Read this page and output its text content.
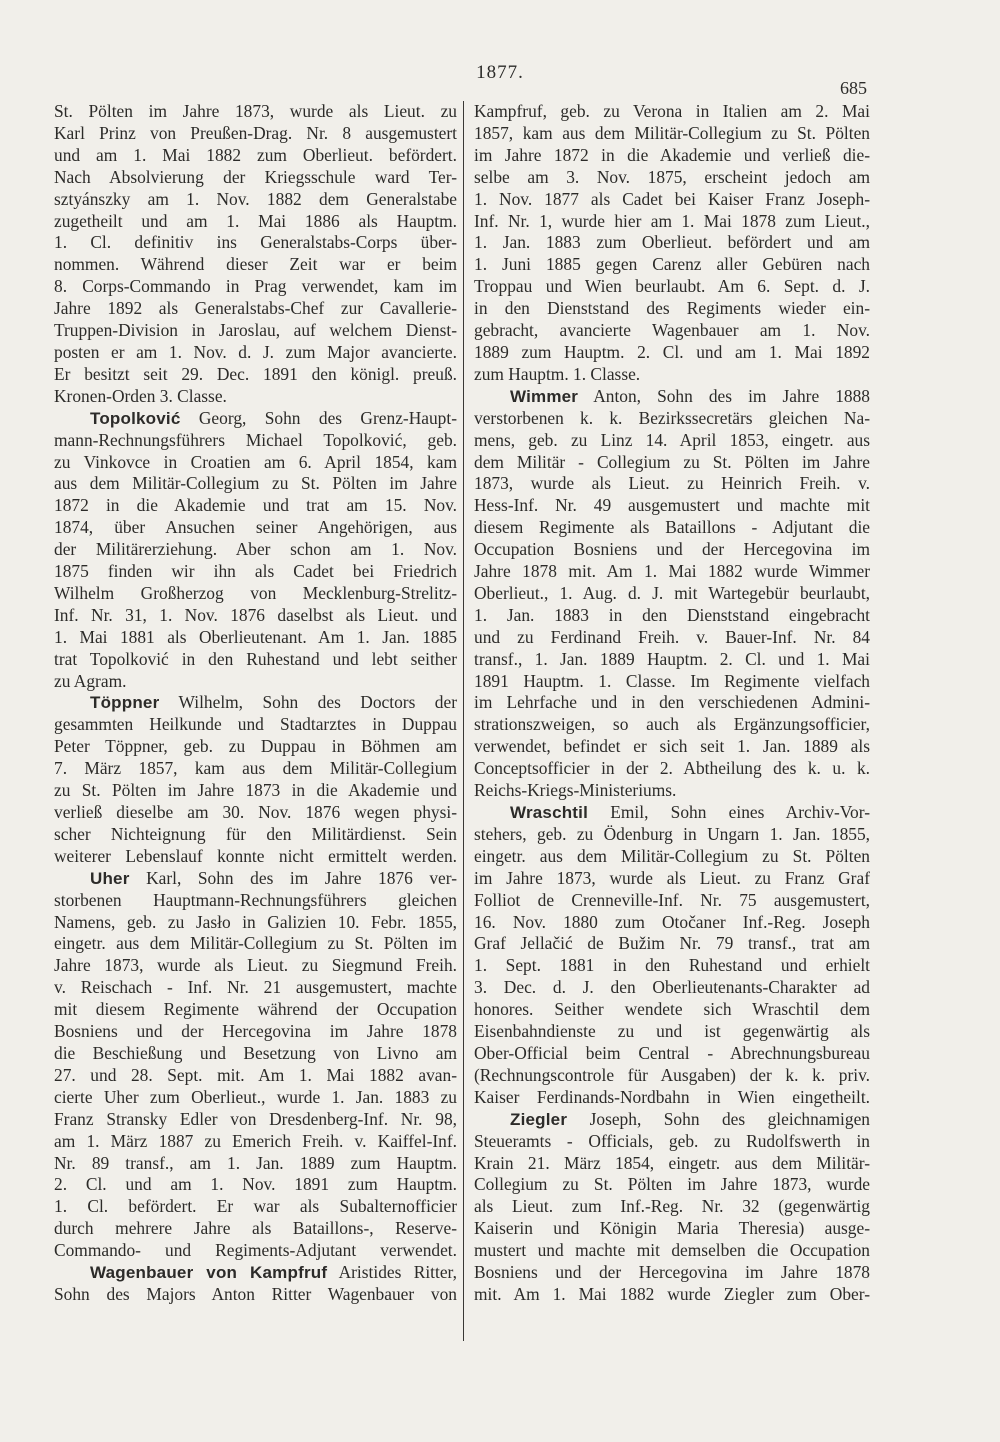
1877.
685
St. Pölten im Jahre 1873, wurde als Lieut. zu
Karl Prinz von Preußen-Drag. Nr. 8 ausgemustert
und am 1. Mai 1882 zum Oberlieut. befördert.
Nach Absolvierung der Kriegsschule ward Ter-
sztyánszky am 1. Nov. 1882 dem Generalstabe
zugetheilt und am 1. Mai 1886 als Hauptm.
1. Cl. definitiv ins Generalstabs-Corps über-
nommen. Während dieser Zeit war er beim
8. Corps-Commando in Prag verwendet, kam im
Jahre 1892 als Generalstabs-Chef zur Cavallerie-
Truppen-Division in Jaroslau, auf welchem Dienst-
posten er am 1. Nov. d. J. zum Major avancierte.
Er besitzt seit 29. Dec. 1891 den königl. preuß.
Kronen-Orden 3. Classe.
Topolković Georg, Sohn des Grenz-Haupt-
mann-Rechnungsführers Michael Topolković, geb.
zu Vinkovce in Croatien am 6. April 1854, kam
aus dem Militär-Collegium zu St. Pölten im Jahre
1872 in die Akademie und trat am 15. Nov.
1874, über Ansuchen seiner Angehörigen, aus
der Militärerziehung. Aber schon am 1. Nov.
1875 finden wir ihn als Cadet bei Friedrich
Wilhelm Großherzog von Mecklenburg-Strelitz-
Inf. Nr. 31, 1. Nov. 1876 daselbst als Lieut. und
1. Mai 1881 als Oberlieutenant. Am 1. Jan. 1885
trat Topolković in den Ruhestand und lebt seither
zu Agram.
Töppner Wilhelm, Sohn des Doctors der
gesammten Heilkunde und Stadtarztes in Duppau
Peter Töppner, geb. zu Duppau in Böhmen am
7. März 1857, kam aus dem Militär-Collegium
zu St. Pölten im Jahre 1873 in die Akademie und
verließ dieselbe am 30. Nov. 1876 wegen physi-
scher Nichteignung für den Militärdienst. Sein
weiterer Lebenslauf konnte nicht ermittelt werden.
Uher Karl, Sohn des im Jahre 1876 ver-
storbenen Hauptmann-Rechnungsführers gleichen
Namens, geb. zu Jasło in Galizien 10. Febr. 1855,
eingetr. aus dem Militär-Collegium zu St. Pölten im
Jahre 1873, wurde als Lieut. zu Siegmund Freih.
v. Reischach - Inf. Nr. 21 ausgemustert, machte
mit diesem Regimente während der Occupation
Bosniens und der Hercegovina im Jahre 1878
die Beschießung und Besetzung von Livno am
27. und 28. Sept. mit. Am 1. Mai 1882 avan-
cierte Uher zum Oberlieut., wurde 1. Jan. 1883 zu
Franz Stransky Edler von Dresdenberg-Inf. Nr. 98,
am 1. März 1887 zu Emerich Freih. v. Kaiffel-Inf.
Nr. 89 transf., am 1. Jan. 1889 zum Hauptm.
2. Cl. und am 1. Nov. 1891 zum Hauptm.
1. Cl. befördert. Er war als Subalternofficier
durch mehrere Jahre als Bataillons-, Reserve-
Commando- und Regiments-Adjutant verwendet.
Wagenbauer von Kampfruf Aristides Ritter,
Sohn des Majors Anton Ritter Wagenbauer von
Kampfruf, geb. zu Verona in Italien am 2. Mai
1857, kam aus dem Militär-Collegium zu St. Pölten
im Jahre 1872 in die Akademie und verließ die-
selbe am 3. Nov. 1875, erscheint jedoch am
1. Nov. 1877 als Cadet bei Kaiser Franz Joseph-
Inf. Nr. 1, wurde hier am 1. Mai 1878 zum Lieut.,
1. Jan. 1883 zum Oberlieut. befördert und am
1. Juni 1885 gegen Carenz aller Gebüren nach
Troppau und Wien beurlaubt. Am 6. Sept. d. J.
in den Dienststand des Regiments wieder ein-
gebracht, avancierte Wagenbauer am 1. Nov.
1889 zum Hauptm. 2. Cl. und am 1. Mai 1892
zum Hauptm. 1. Classe.
Wimmer Anton, Sohn des im Jahre 1888
verstorbenen k. k. Bezirkssecretärs gleichen Na-
mens, geb. zu Linz 14. April 1853, eingetr. aus
dem Militär - Collegium zu St. Pölten im Jahre
1873, wurde als Lieut. zu Heinrich Freih. v.
Hess-Inf. Nr. 49 ausgemustert und machte mit
diesem Regimente als Bataillons - Adjutant die
Occupation Bosniens und der Hercegovina im
Jahre 1878 mit. Am 1. Mai 1882 wurde Wimmer
Oberlieut., 1. Aug. d. J. mit Wartegebür beurlaubt,
1. Jan. 1883 in den Dienststand eingebracht
und zu Ferdinand Freih. v. Bauer-Inf. Nr. 84
transf., 1. Jan. 1889 Hauptm. 2. Cl. und 1. Mai
1891 Hauptm. 1. Classe. Im Regimente vielfach
im Lehrfache und in den verschiedenen Admini-
strationszweigen, so auch als Ergänzungsofficier,
verwendet, befindet er sich seit 1. Jan. 1889 als
Conceptsofficier in der 2. Abtheilung des k. u. k.
Reichs-Kriegs-Ministeriums.
Wraschtil Emil, Sohn eines Archiv-Vor-
stehers, geb. zu Ödenburg in Ungarn 1. Jan. 1855,
eingetr. aus dem Militär-Collegium zu St. Pölten
im Jahre 1873, wurde als Lieut. zu Franz Graf
Folliot de Crenneville-Inf. Nr. 75 ausgemustert,
16. Nov. 1880 zum Otočaner Inf.-Reg. Joseph
Graf Jellačić de Bužim Nr. 79 transf., trat am
1. Sept. 1881 in den Ruhestand und erhielt
3. Dec. d. J. den Oberlieutenants-Charakter ad
honores. Seither wendete sich Wraschtil dem
Eisenbahndienste zu und ist gegenwärtig als
Ober-Official beim Central - Abrechnungsbureau
(Rechnungscontrole für Ausgaben) der k. k. priv.
Kaiser Ferdinands-Nordbahn in Wien eingetheilt.
Ziegler Joseph, Sohn des gleichnamigen
Steueramts - Officials, geb. zu Rudolfswerth in
Krain 21. März 1854, eingetr. aus dem Militär-
Collegium zu St. Pölten im Jahre 1873, wurde
als Lieut. zum Inf.-Reg. Nr. 32 (gegenwärtig
Kaiserin und Königin Maria Theresia) ausge-
mustert und machte mit demselben die Occupation
Bosniens und der Hercegovina im Jahre 1878
mit. Am 1. Mai 1882 wurde Ziegler zum Ober-
